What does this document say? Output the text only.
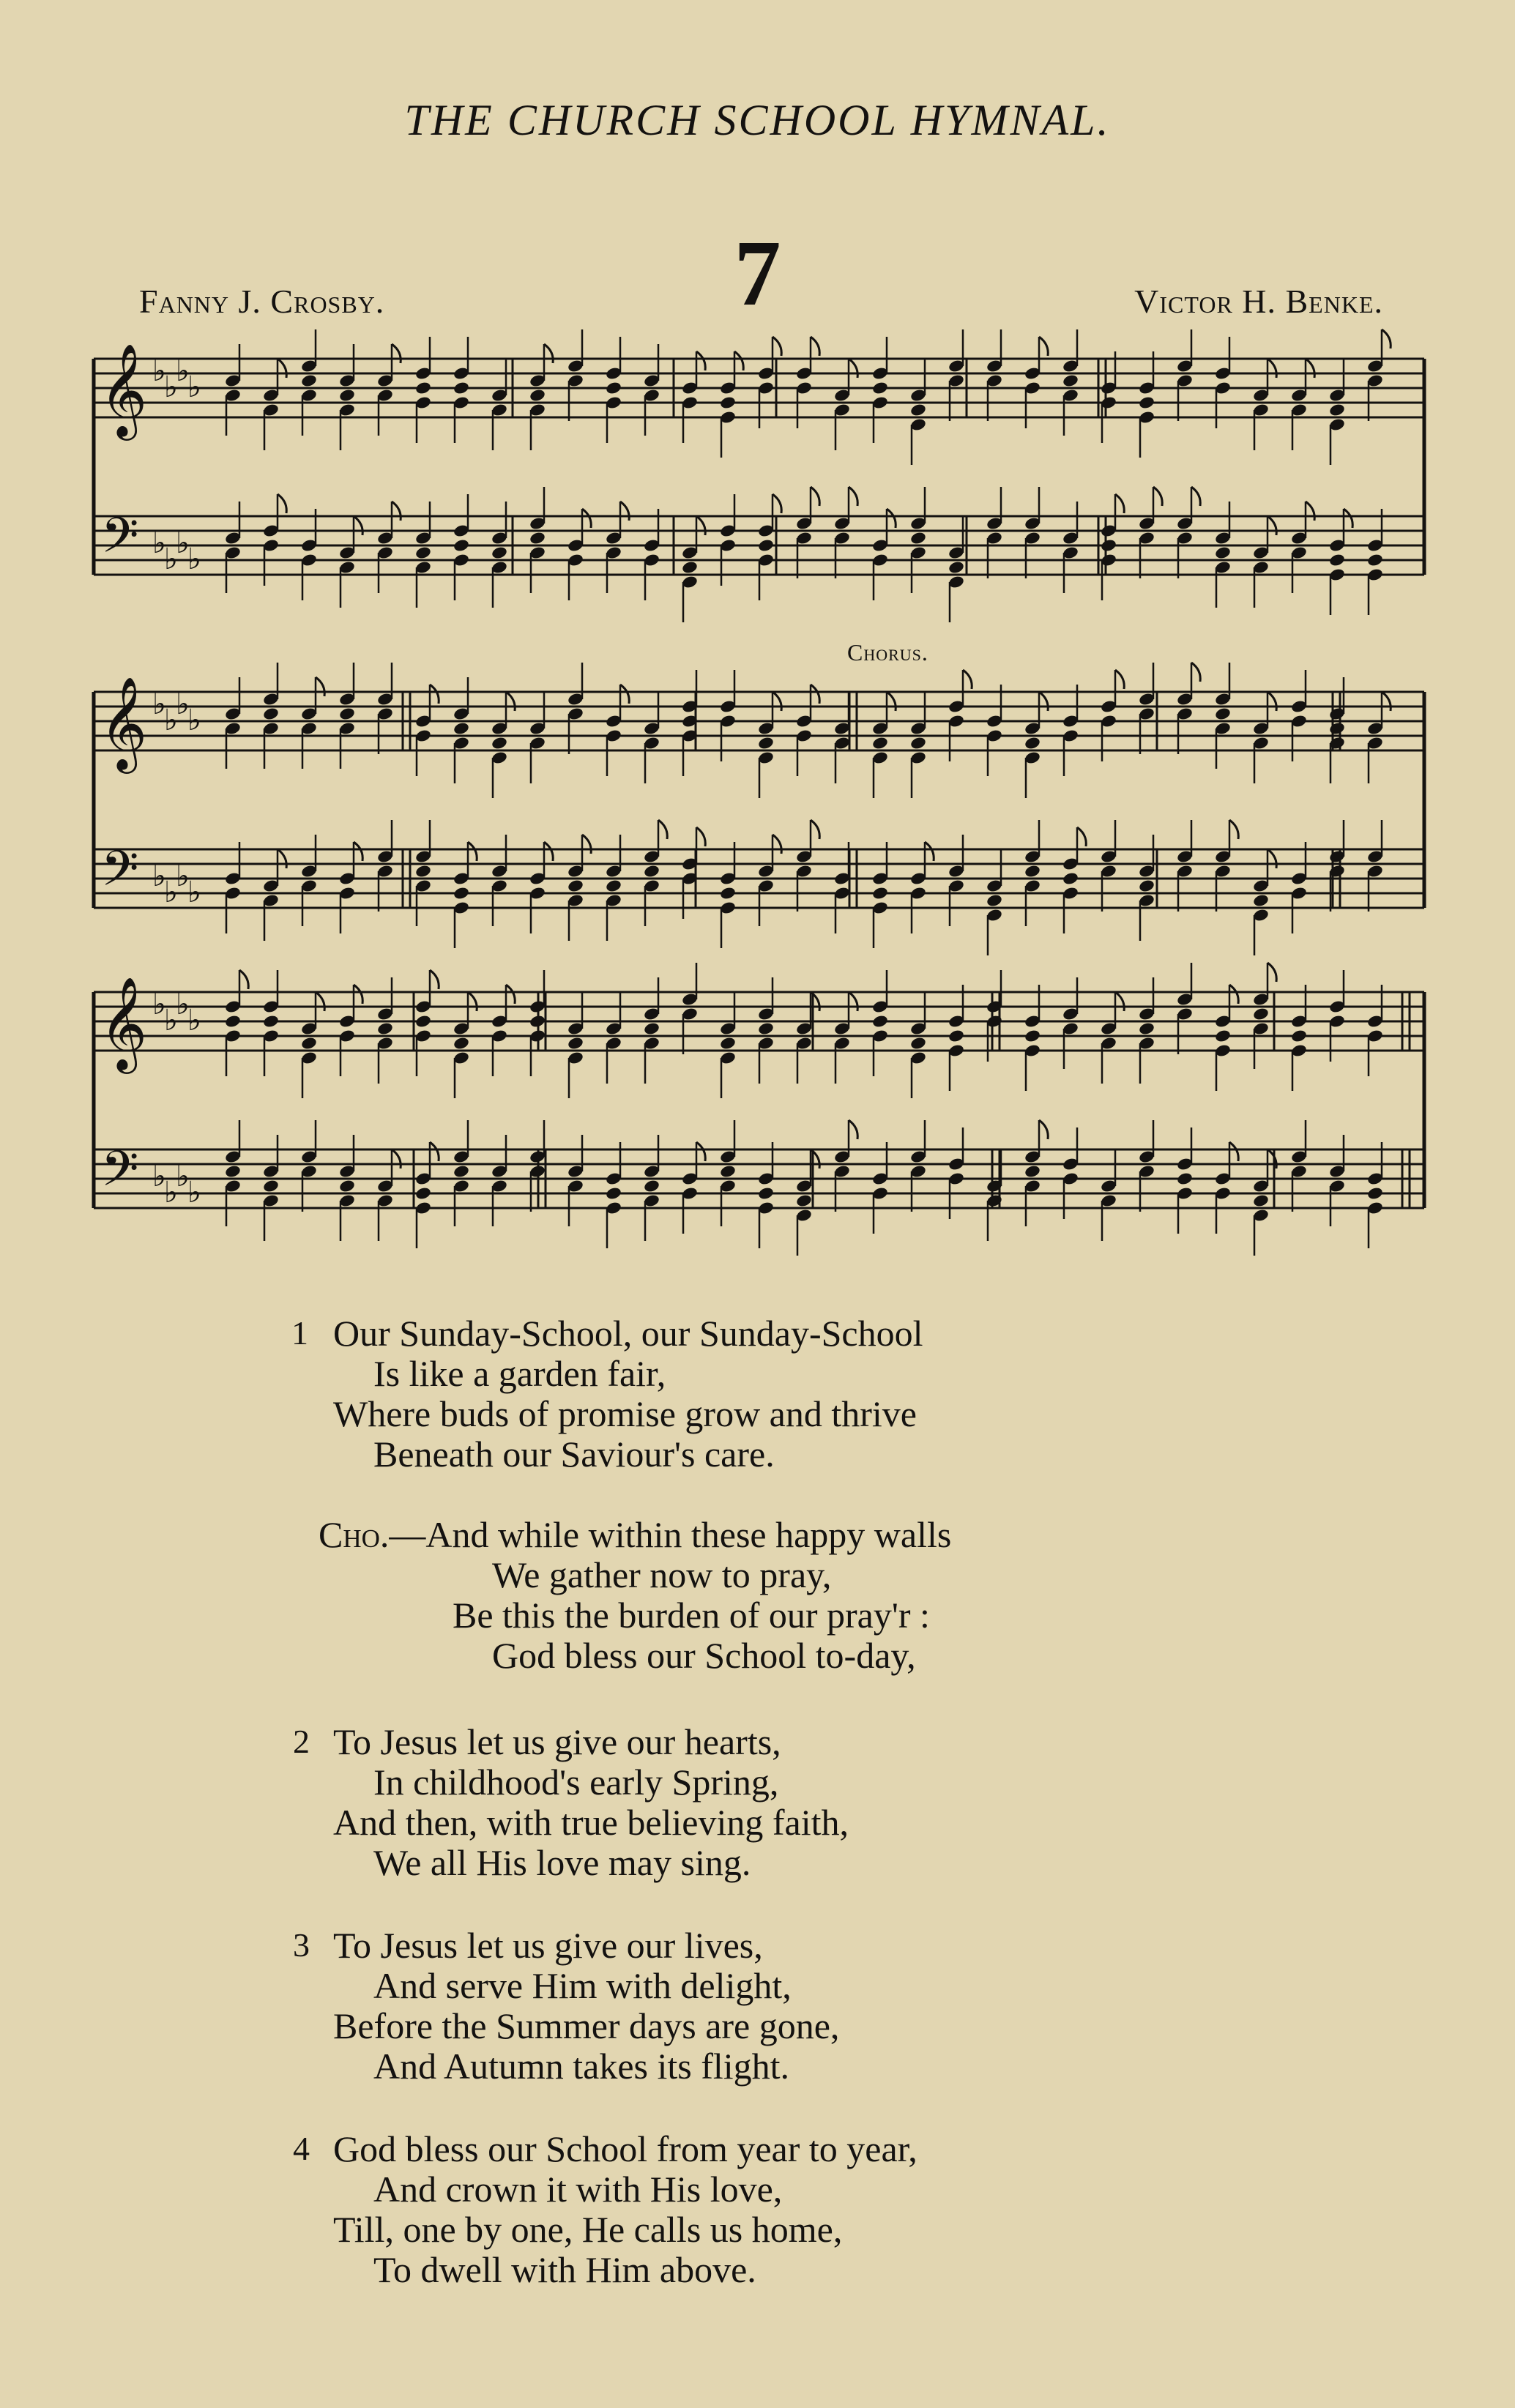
THE CHURCH SCHOOL HYMNAL.
7
Fanny J. Crosby.	Victor H. Benke.
Chorus.
𝄞
𝄢
♭
♭
♭
♭
♭
♭
♭
♭
𝄞
𝄢
♭
♭
♭
♭
♭
♭
♭
♭
𝄞
𝄢
♭
♭
♭
♭
♭
♭
♭
♭
1 Our Sunday-School, our Sunday-School
Is like a garden fair,
Where buds of promise grow and thrive
Beneath our Saviour's care.
Cho.—And while within these happy walls
We gather now to pray,
Be this the burden of our pray'r :
God bless our School to-day,
2 To Jesus let us give our hearts,
In childhood's early Spring,
And then, with true believing faith,
We all His love may sing.
3 To Jesus let us give our lives,
And serve Him with delight,
Before the Summer days are gone,
And Autumn takes its flight.
4 God bless our School from year to year,
And crown it with His love,
Till, one by one, He calls us home,
To dwell with Him above.
